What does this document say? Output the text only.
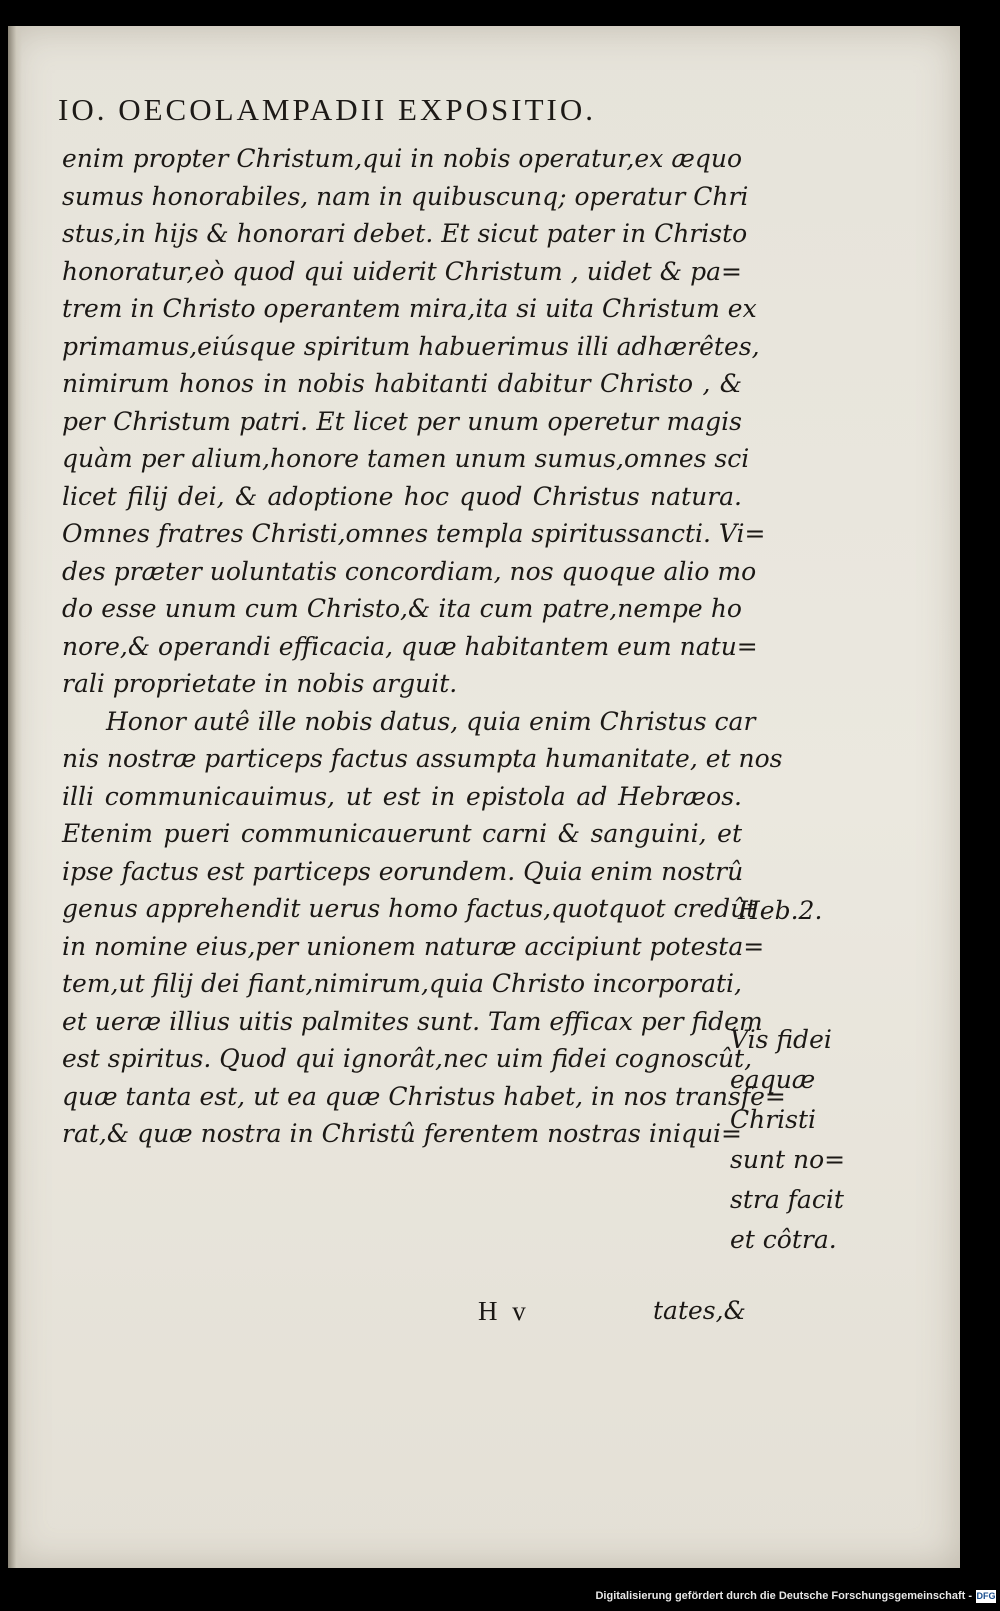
IO. OECOLAMPADII EXPOSITIO.
enim propter Christum,qui in nobis operatur,ex æquo
sumus honorabiles, nam in quibuscunq; operatur Chri
stus,in hijs & honorari debet. Et sicut pater in Christo
honoratur,eò quod qui uiderit Christum , uidet & pa=
trem in Christo operantem mira,ita si uita Christum ex
primamus,eiúsque spiritum habuerimus illi adhærêtes,
nimirum honos in nobis habitanti dabitur Christo , &
per Christum patri. Et licet per unum operetur magis
quàm per alium,honore tamen unum sumus,omnes sci
licet filij dei, & adoptione hoc quod Christus natura.
Omnes fratres Christi,omnes templa spiritussancti. Vi=
des præter uoluntatis concordiam, nos quoque alio mo
do esse unum cum Christo,& ita cum patre,nempe ho
nore,& operandi efficacia, quæ habitantem eum natu=
rali proprietate in nobis arguit.
Honor autê ille nobis datus, quia enim Christus car
nis nostræ particeps factus assumpta humanitate, et nos
illi communicauimus, ut est in epistola ad Hebræos.
Etenim pueri communicauerunt carni & sanguini, et
ipse factus est particeps eorundem. Quia enim nostrû
genus apprehendit uerus homo factus,quotquot credût
in nomine eius,per unionem naturæ accipiunt potesta=
tem,ut filij dei fiant,nimirum,quia Christo incorporati,
et ueræ illius uitis palmites sunt. Tam efficax per fidem
est spiritus. Quod qui ignorât,nec uim fidei cognoscût,
quæ tanta est, ut ea quæ Christus habet, in nos transfe=
rat,& quæ nostra in Christû ferentem nostras iniqui=
Heb.2.
Vis fidei
eaquæ
Christi
sunt no=
stra facit
et côtra.
H v	tates,&
Digitalisierung gefördert durch die Deutsche Forschungsgemeinschaft - DFG
